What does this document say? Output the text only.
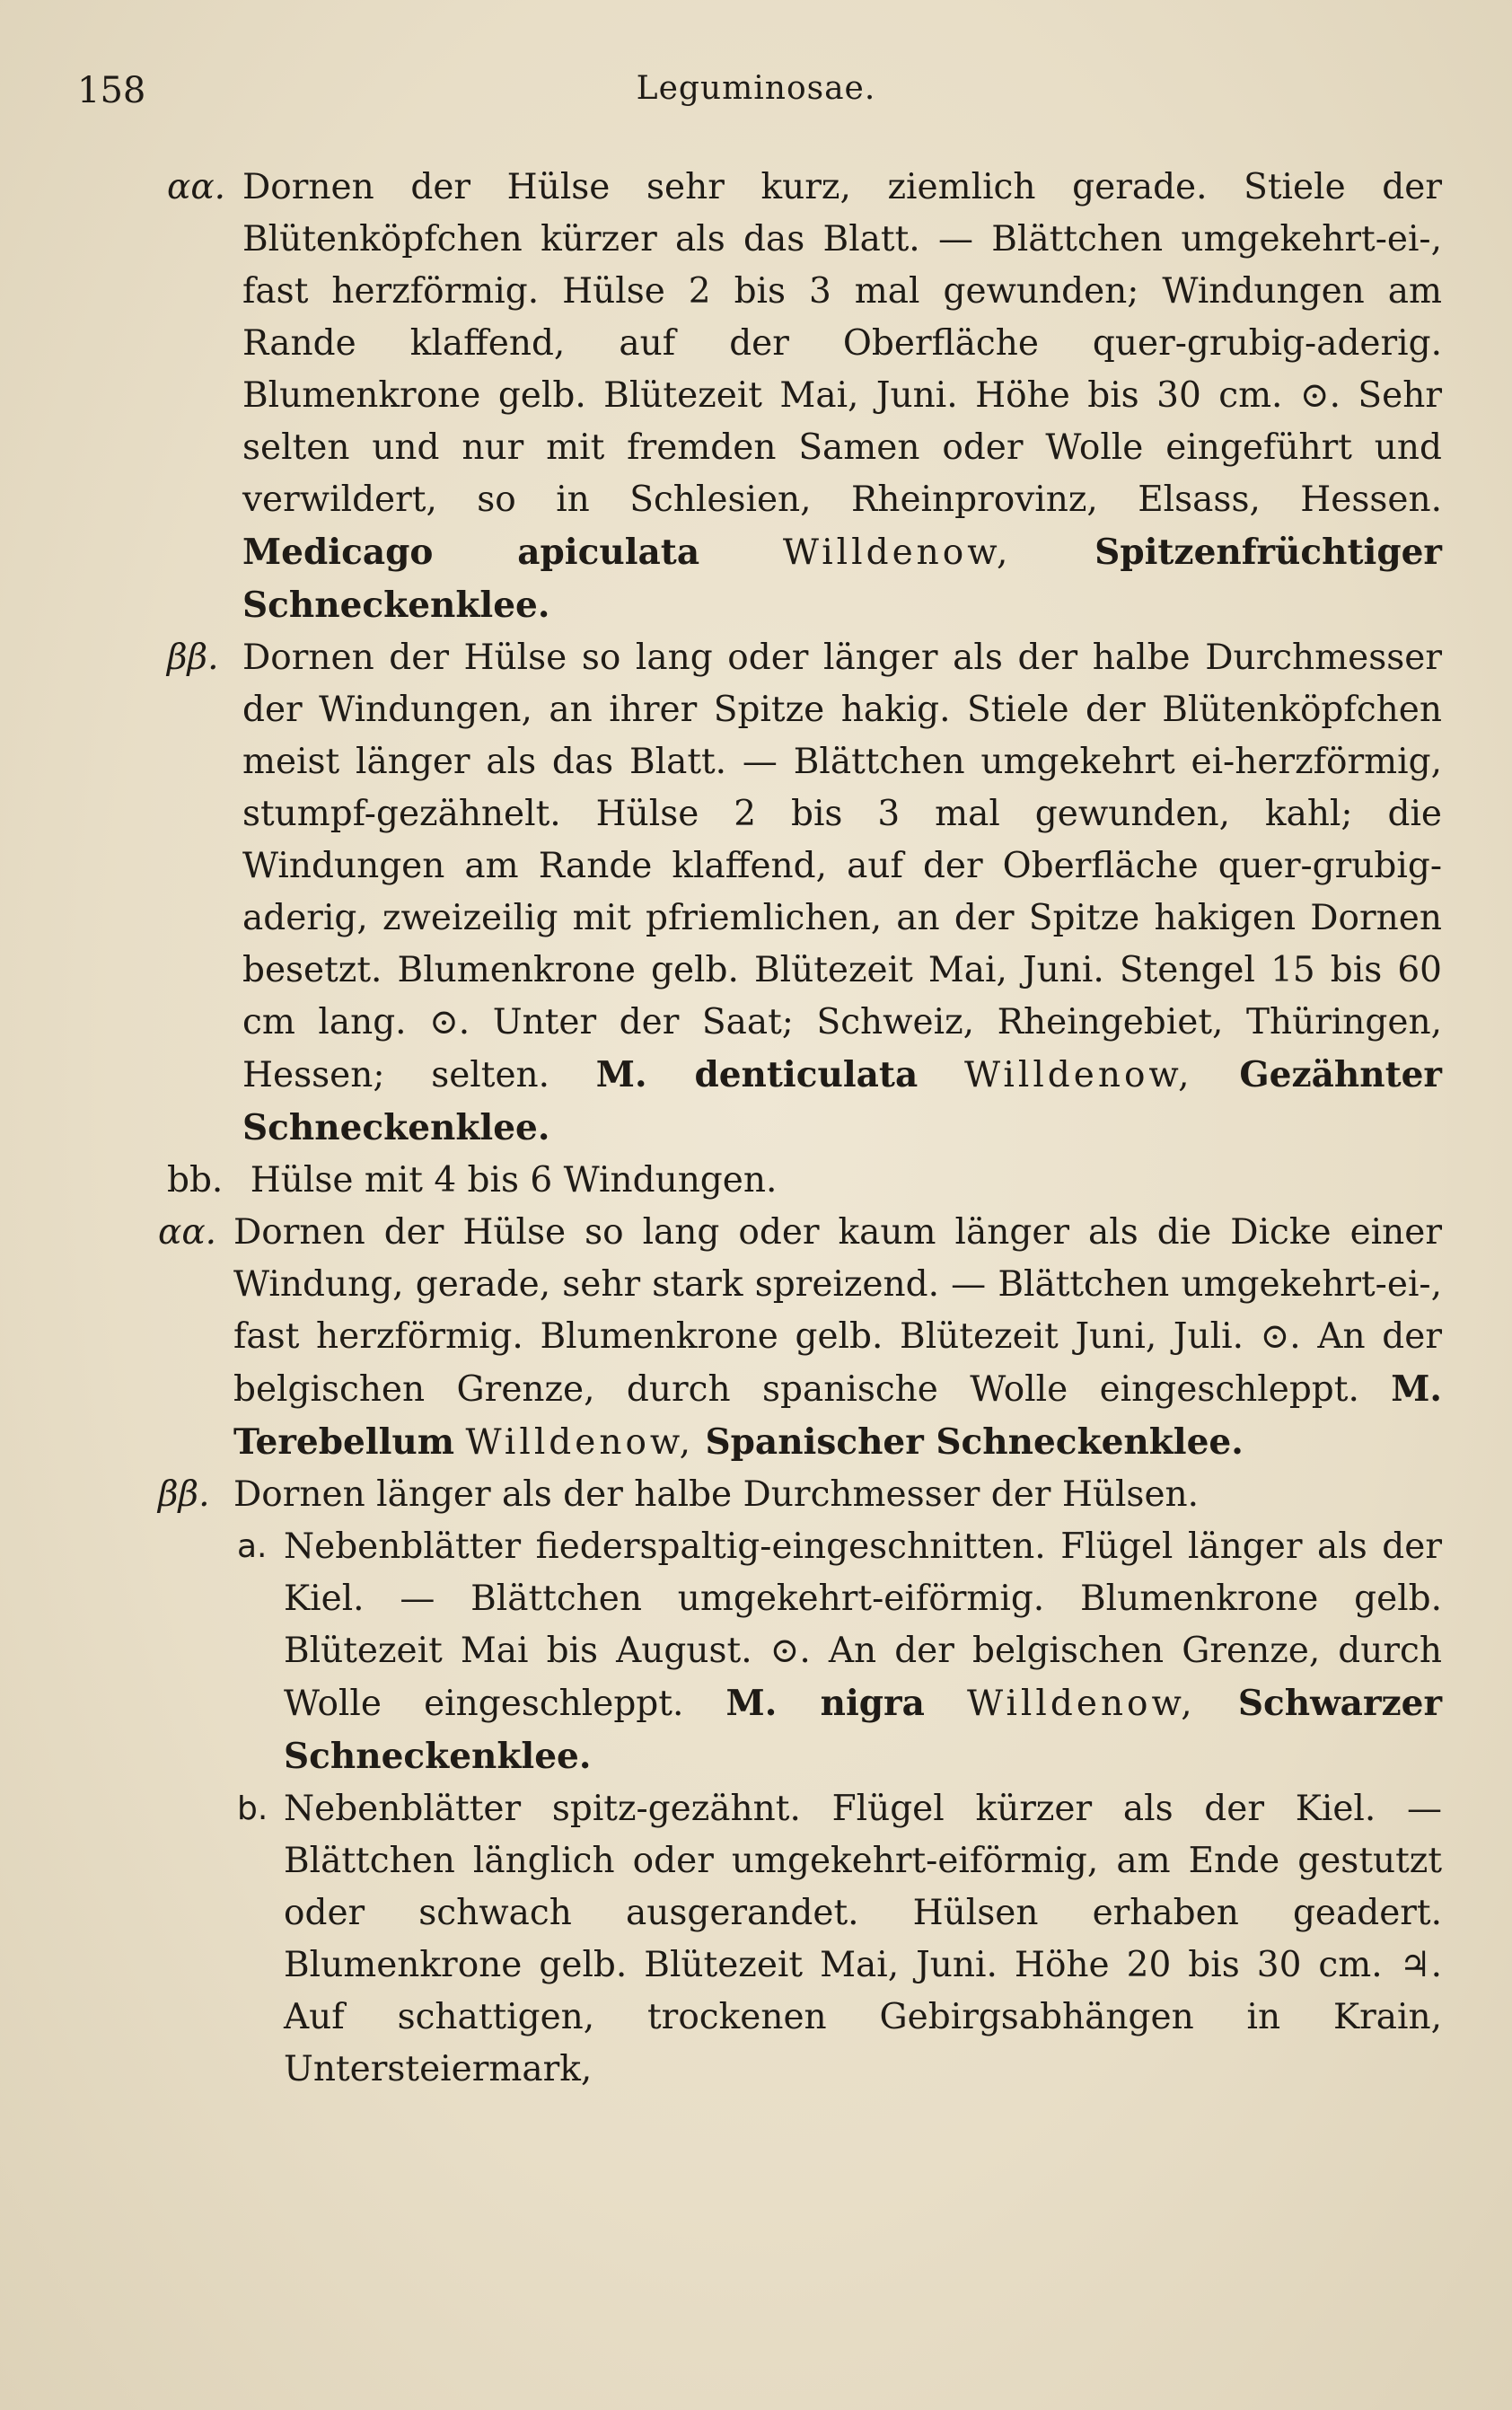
158	Leguminosae.

αα. Dornen der Hülse sehr kurz, ziemlich gerade. Stiele der Blütenköpfchen kürzer als das Blatt. — Blättchen umgekehrt-ei-, fast herzförmig. Hülse 2 bis 3 mal gewunden; Windungen am Rande klaffend, auf der Oberfläche quer-grubig-aderig. Blumenkrone gelb. Blütezeit Mai, Juni. Höhe bis 30 cm. ⊙. Sehr selten und nur mit fremden Samen oder Wolle eingeführt und verwildert, so in Schlesien, Rheinprovinz, Elsass, Hessen. Medicago apiculata Willdenow, Spitzenfrüchtiger Schneckenklee.

ββ. Dornen der Hülse so lang oder länger als der halbe Durchmesser der Windungen, an ihrer Spitze hakig. Stiele der Blütenköpfchen meist länger als das Blatt. — Blättchen umgekehrt ei-herzförmig, stumpf-gezähnelt. Hülse 2 bis 3 mal gewunden, kahl; die Windungen am Rande klaffend, auf der Oberfläche quer-grubig-aderig, zweizeilig mit pfriemlichen, an der Spitze hakigen Dornen besetzt. Blumenkrone gelb. Blütezeit Mai, Juni. Stengel 15 bis 60 cm lang. ⊙. Unter der Saat; Schweiz, Rheingebiet, Thüringen, Hessen; selten. M. denticulata Willdenow, Gezähnter Schneckenklee.

bb. Hülse mit 4 bis 6 Windungen.

αα. Dornen der Hülse so lang oder kaum länger als die Dicke einer Windung, gerade, sehr stark spreizend. — Blättchen umgekehrt-ei-, fast herzförmig. Blumenkrone gelb. Blütezeit Juni, Juli. ⊙. An der belgischen Grenze, durch spanische Wolle eingeschleppt. M. Terebellum Willdenow, Spanischer Schneckenklee.

ββ. Dornen länger als der halbe Durchmesser der Hülsen.

a. Nebenblätter fiederspaltig-eingeschnitten. Flügel länger als der Kiel. — Blättchen umgekehrt-eiförmig. Blumenkrone gelb. Blütezeit Mai bis August. ⊙. An der belgischen Grenze, durch Wolle eingeschleppt. M. nigra Willdenow, Schwarzer Schneckenklee.

b. Nebenblätter spitz-gezähnt. Flügel kürzer als der Kiel. — Blättchen länglich oder umgekehrt-eiförmig, am Ende gestutzt oder schwach ausgerandet. Hülsen erhaben geadert. Blumenkrone gelb. Blütezeit Mai, Juni. Höhe 20 bis 30 cm. ♃. Auf schattigen, trockenen Gebirgsabhängen in Krain, Untersteiermark,
